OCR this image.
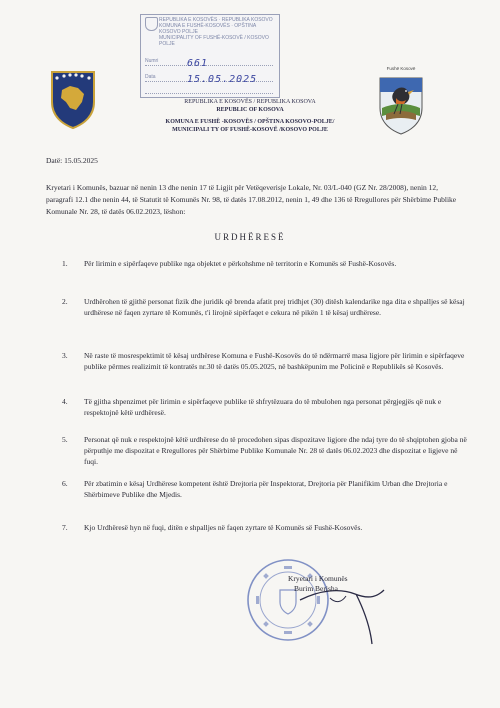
REPUBLIKA E KOSOVËS · REPUBLIKA KOSOVO
KOMUNA E FUSHË-KOSOVËS · OPŠTINA KOSOVO POLJE
MUNICIPALITY OF FUSHË-KOSOVË / KOSOVO POLJE
Numri	661
Data	15.05.2025
REPUBLIKA E KOSOVËS / REPUBLIKA KOSOVA
REPUBLIC OF KOSOVA
KOMUNA E FUSHË -KOSOVËS / OPŠTINA KOSOVO-POLJE/
MUNICIPALI TY OF FUSHË-KOSOVË /KOSOVO POLJE
Fushë Kosovë
Datë: 15.05.2025
Kryetari i Komunës, bazuar në nenin 13 dhe nenin 17 të Ligjit për Vetëqeverisje Lokale, Nr. 03/L-040 (GZ Nr. 28/2008), nenin 12, paragrafi 12.1 dhe nenin 44, të Statutit të Komunës Nr. 98, të datës 17.08.2012, nenin 1, 49 dhe 136 të Rregullores për Shërbime Publike Komunale Nr. 28, të datës 06.02.2023, lëshon:
URDHËRESË
1.	Për lirimin e sipërfaqeve publike nga objektet e përkohshme në territorin e Komunës së Fushë-Kosovës.
2.	Urdhërohen të gjithë personat fizik dhe juridik që brenda afatit prej tridhjet (30) ditësh kalendarike nga dita e shpalljes së kësaj urdhërese në faqen zyrtare të Komunës, t'i lirojnë sipërfaqet e cekura në pikën 1 të kësaj urdhërese.
3.	Në raste të mosrespektimit të kësaj urdhërese Komuna e Fushë-Kosovës do të ndërmarrë masa ligjore për lirimin e sipërfaqeve publike përmes realizimit të kontratës nr.30 të datës 05.05.2025, në bashkëpunim me Policinë e Republikës së Kosovës.
4.	Të gjitha shpenzimet për lirimin e sipërfaqeve publike të shfrytëzuara do të mbulohen nga personat përgjegjës që nuk e respektojnë këtë urdhëresë.
5.	Personat që nuk e respektojnë këtë urdhërese do të procedohen sipas dispozitave ligjore dhe ndaj tyre do të shqiptohen gjoba në përputhje me dispozitat e Rregullores për Shërbime Publike Komunale Nr. 28 të datës 06.02.2023 dhe dispozitat e ligjeve në fuqi.
6.	Për zbatimin e kësaj Urdhërese kompetent është Drejtoria për Inspektorat, Drejtoria për Planifikim Urban dhe Drejtoria e Shërbimeve Publike dhe Mjedis.
7.	Kjo Urdhëresë hyn në fuqi, ditën e shpalljes në faqen zyrtare të Komunës së Fushë-Kosovës.
Kryetari i Komunës
Burim Berisha
